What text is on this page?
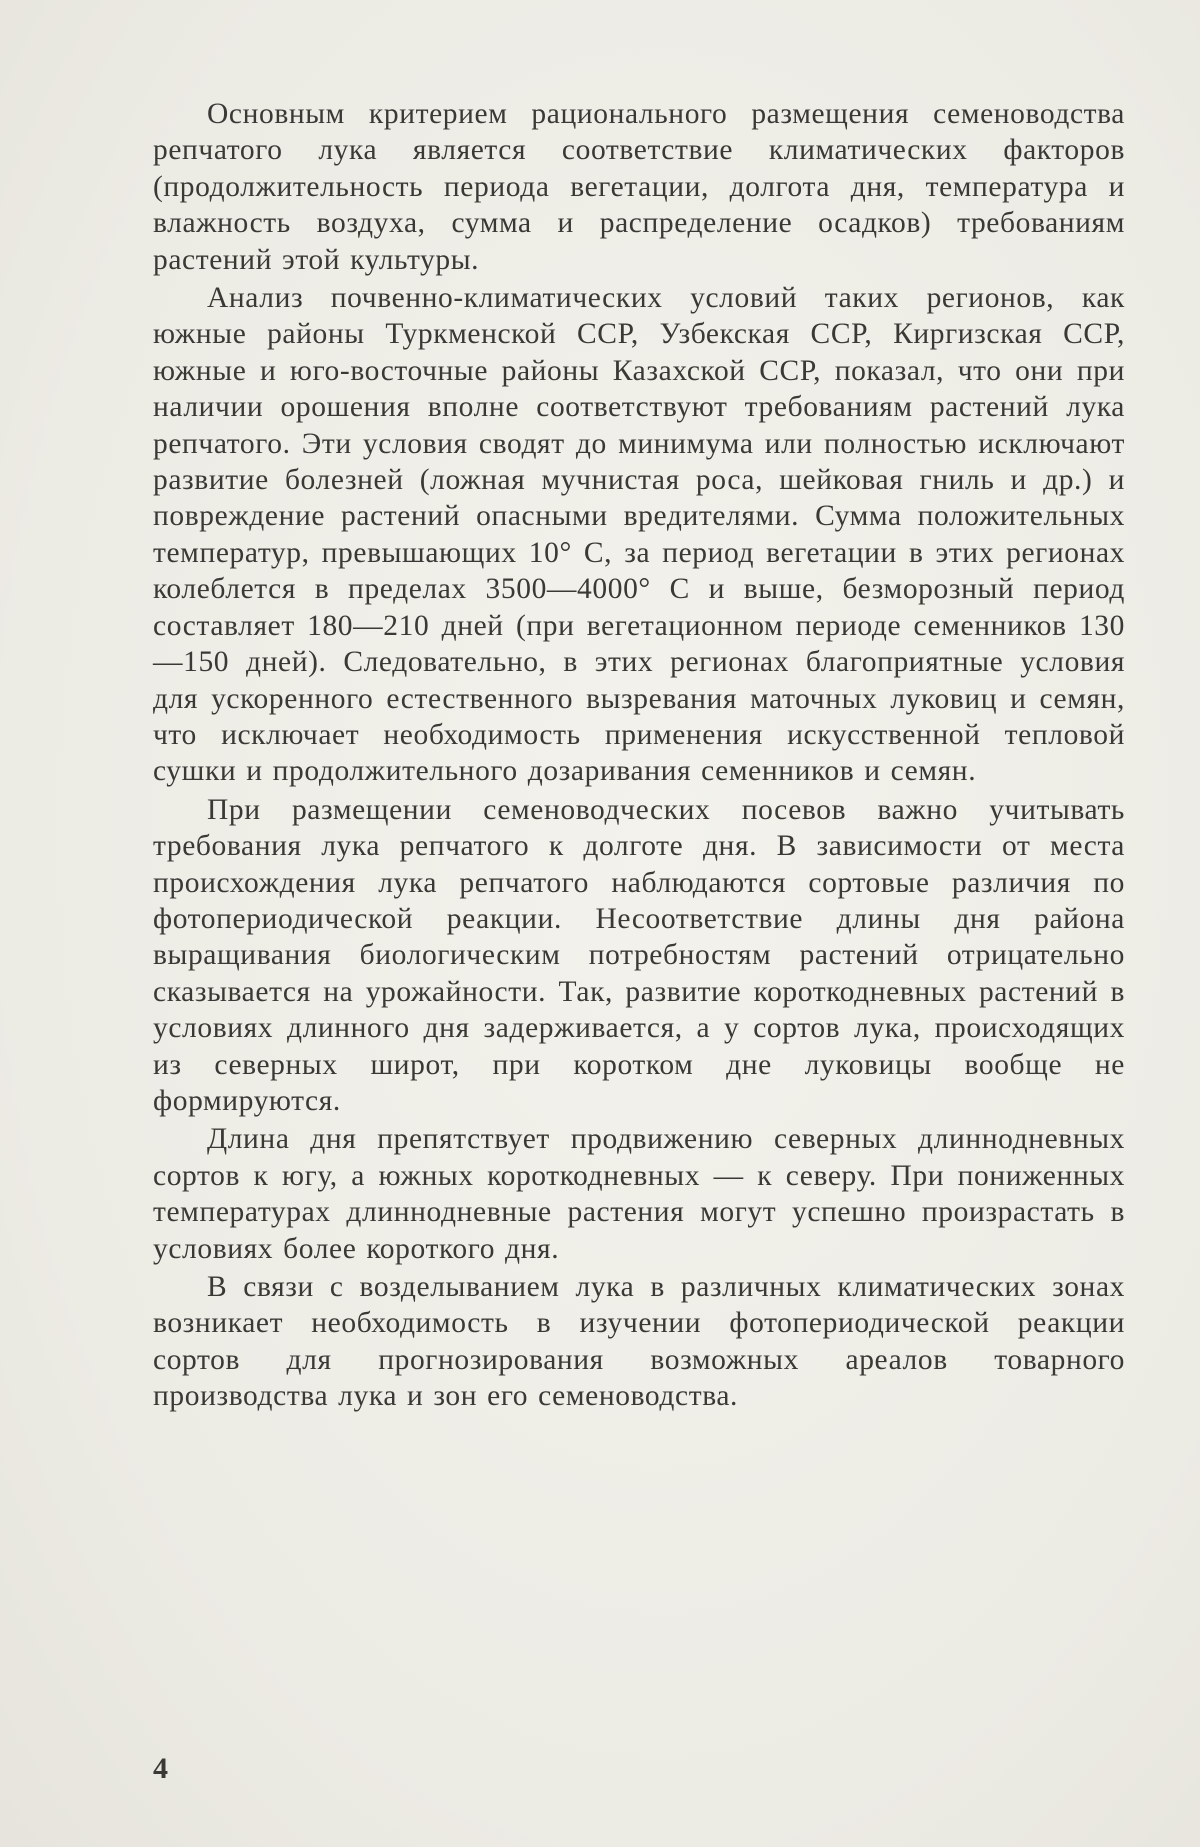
Основным критерием рационального размещения семеноводства репчатого лука является соответствие климатических факторов (продолжительность периода вегетации, долгота дня, температура и влажность воздуха, сумма и распределение осадков) требованиям растений этой культуры.

Анализ почвенно-климатических условий таких регионов, как южные районы Туркменской ССР, Узбекская ССР, Киргизская ССР, южные и юго-восточные районы Казахской ССР, показал, что они при наличии орошения вполне соответствуют требованиям растений лука репчатого. Эти условия сводят до минимума или полностью исключают развитие болезней (ложная мучнистая роса, шейковая гниль и др.) и повреждение растений опасными вредителями. Сумма положительных температур, превышающих 10° С, за период вегетации в этих регионах колеблется в пределах 3500—4000° С и выше, безморозный период составляет 180—210 дней (при вегетационном периоде семенников 130—150 дней). Следовательно, в этих регионах благоприятные условия для ускоренного естественного вызревания маточных луковиц и семян, что исключает необходимость применения искусственной тепловой сушки и продолжительного дозаривания семенников и семян.

При размещении семеноводческих посевов важно учитывать требования лука репчатого к долготе дня. В зависимости от места происхождения лука репчатого наблюдаются сортовые различия по фотопериодической реакции. Несоответствие длины дня района выращивания биологическим потребностям растений отрицательно сказывается на урожайности. Так, развитие короткодневных растений в условиях длинного дня задерживается, а у сортов лука, происходящих из северных широт, при коротком дне луковицы вообще не формируются.

Длина дня препятствует продвижению северных длиннодневных сортов к югу, а южных короткодневных — к северу. При пониженных температурах длиннодневные растения могут успешно произрастать в условиях более короткого дня.

В связи с возделыванием лука в различных климатических зонах возникает необходимость в изучении фотопериодической реакции сортов для прогнозирования возможных ареалов товарного производства лука и зон его семеноводства.

4
